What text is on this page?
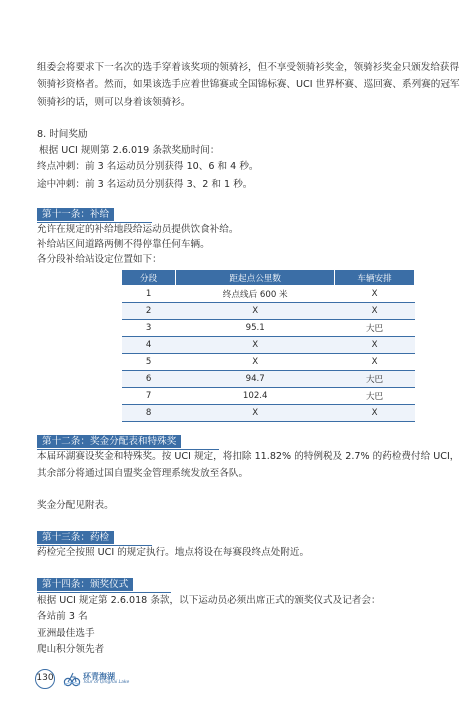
组委会将要求下一名次的选手穿着该奖项的领骑衫，但不享受领骑衫奖金，领骑衫奖金只颁发给获得
领骑衫资格者。然而，如果该选手应着世锦赛或全国锦标赛、UCI 世界杯赛、巡回赛、系列赛的冠军
领骑衫的话，则可以身着该领骑衫。
8. 时间奖励
根据 UCI 规则第 2.6.019 条款奖励时间：
终点冲刺：前 3 名运动员分别获得 10、6 和 4 秒。
途中冲刺：前 3 名运动员分别获得 3、2 和 1 秒。
第十一条：补给
允许在规定的补给地段给运动员提供饮食补给。
补给站区间道路两侧不得停靠任何车辆。
各分段补给站设定位置如下：
分段	距起点公里数	车辆安排
1	终点线后 600 米	X
2	X	X
3	95.1	大巴
4	X	X
5	X	X
6	94.7	大巴
7	102.4	大巴
8	X	X
第十二条：奖金分配表和特殊奖
本届环湖赛设奖金和特殊奖。按 UCI 规定，将扣除 11.82% 的特例税及 2.7% 的药检费付给 UCI，
其余部分将通过国自盟奖金管理系统发放至各队。
奖金分配见附表。
第十三条：药检
药检完全按照 UCI 的规定执行。地点将设在每赛段终点处附近。
第十四条：颁奖仪式
根据 UCI 规定第 2.6.018 条款，以下运动员必须出席正式的颁奖仪式及记者会：
各站前 3 名
亚洲最佳选手
爬山积分领先者
130	环青海湖
Tour of Qinghai Lake
